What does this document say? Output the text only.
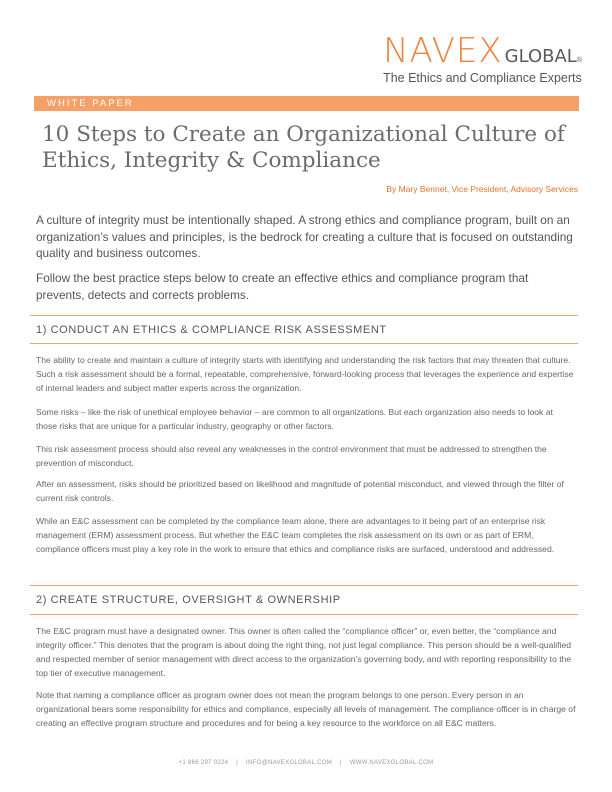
NAVEX GLOBAL ®
The Ethics and Compliance Experts
WHITE PAPER
10 Steps to Create an Organizational Culture of
Ethics, Integrity & Compliance
By Mary Bennet, Vice President, Advisory Services

A culture of integrity must be intentionally shaped. A strong ethics and compliance program, built on an organization’s values and principles, is the bedrock for creating a culture that is focused on outstanding quality and business outcomes.

Follow the best practice steps below to create an effective ethics and compliance program that prevents, detects and corrects problems.

1) CONDUCT AN ETHICS & COMPLIANCE RISK ASSESSMENT

The ability to create and maintain a culture of integrity starts with identifying and understanding the risk factors that may threaten that culture. Such a risk assessment should be a formal, repeatable, comprehensive, forward-looking process that leverages the experience and expertise of internal leaders and subject matter experts across the organization.

Some risks – like the risk of unethical employee behavior – are common to all organizations. But each organization also needs to look at those risks that are unique for a particular industry, geography or other factors.

This risk assessment process should also reveal any weaknesses in the control environment that must be addressed to strengthen the prevention of misconduct.

After an assessment, risks should be prioritized based on likelihood and magnitude of potential misconduct, and viewed through the filter of current risk controls.

While an E&C assessment can be completed by the compliance team alone, there are advantages to it being part of an enterprise risk management (ERM) assessment process. But whether the E&C team completes the risk assessment on its own or as part of ERM, compliance officers must play a key role in the work to ensure that ethics and compliance risks are surfaced, understood and addressed.

2) CREATE STRUCTURE, OVERSIGHT & OWNERSHIP

The E&C program must have a designated owner. This owner is often called the “compliance officer” or, even better, the “compliance and integrity officer.” This denotes that the program is about doing the right thing, not just legal compliance. This person should be a well-qualified and respected member of senior management with direct access to the organization’s governing body, and with reporting responsibility to the top tier of executive management.

Note that naming a compliance officer as program owner does not mean the program belongs to one person. Every person in an organizational bears some responsibility for ethics and compliance, especially all levels of management. The compliance officer is in charge of creating an effective program structure and procedures and for being a key resource to the workforce on all E&C matters.

+1 866 297 0224 | INFO@NAVEXGLOBAL.COM | WWW.NAVEXGLOBAL.COM
